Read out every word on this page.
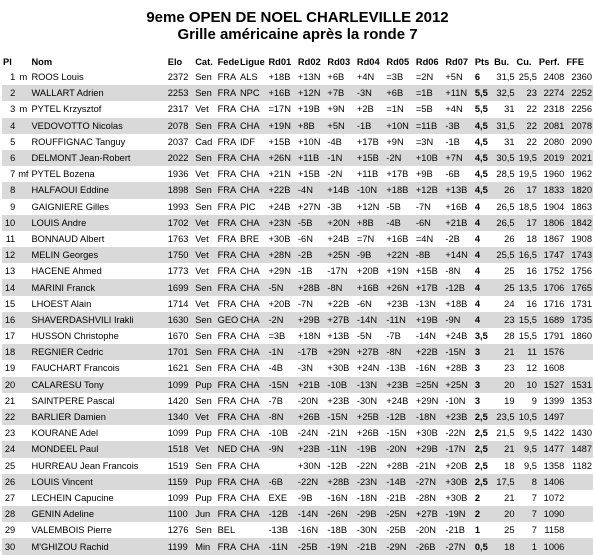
9eme OPEN DE NOEL CHARLEVILLE 2012
Grille américaine après la ronde 7
Pl		Nom	Elo	Cat.	Fede	Ligue	Rd01	Rd02	Rd03	Rd04	Rd05	Rd06	Rd07	Pts	Bu.	Cu.	Perf.	FFE
1	m	ROOS Louis	2372	Sen	FRA	ALS	+18B	+13N	+6B	+4N	=3B	=2N	+5N	6	31,5	25,5	2408	2360
2		WALLART Adrien	2253	Sen	FRA	NPC	+16B	+12N	+7B	-3N	+6B	=1B	+11N	5,5	32,5	23	2274	2252
3	m	PYTEL Krzysztof	2317	Vet	FRA	CHA	=17N	+19B	+9N	+2B	=1N	=5B	+4N	5,5	31	22	2318	2256
4		VEDOVOTTO Nicolas	2078	Sen	FRA	CHA	+19N	+8B	+5N	-1B	+10N	=11B	-3B	4,5	31,5	22	2081	2078
5		ROUFFIGNAC Tanguy	2037	Cad	FRA	IDF	+15B	+10N	-4B	+17B	+9N	=3N	-1B	4,5	31	22	2080	2090
6		DELMONT Jean-Robert	2022	Sen	FRA	CHA	+26N	+11B	-1N	+15B	-2N	+10B	+7N	4,5	30,5	19,5	2019	2021
7	mf	PYTEL Bozena	1936	Vet	FRA	CHA	+21N	+15B	-2N	+11B	+17B	+9B	-6B	4,5	28,5	19,5	1960	1962
8		HALFAOUI Eddine	1898	Sen	FRA	CHA	+22B	-4N	+14B	-10N	+18B	+12B	+13B	4,5	26	17	1833	1820
9		GAIGNIERE Gilles	1993	Sen	FRA	PIC	+24B	+27N	-3B	+12N	-5B	-7N	+16B	4	26,5	18,5	1904	1863
10		LOUIS Andre	1702	Vet	FRA	CHA	+23N	-5B	+20N	+8B	-4B	-6N	+21B	4	26,5	17	1806	1842
11		BONNAUD Albert	1763	Vet	FRA	BRE	+30B	-6N	+24B	=7N	+16B	=4N	-2B	4	26	18	1867	1908
12		MELIN Georges	1750	Vet	FRA	CHA	+28N	-2B	+25N	-9B	+22N	-8B	+14N	4	25,5	16,5	1747	1743
13		HACENE Ahmed	1773	Vet	FRA	CHA	+29N	-1B	-17N	+20B	+19N	+15B	-8N	4	25	16	1752	1756
14		MARINI Franck	1699	Sen	FRA	CHA	-5N	+28B	-8N	+16B	+26N	+17B	-12B	4	25	13,5	1706	1765
15		LHOEST Alain	1714	Vet	FRA	CHA	+20B	-7N	+22B	-6N	+23B	-13N	+18B	4	24	16	1716	1731
16		SHAVERDASHVILI Irakli	1630	Sen	GEO	CHA	-2N	+29B	+27B	-14N	-11N	+19B	-9N	4	23	15,5	1689	1735
17		HUSSON Christophe	1670	Sen	FRA	CHA	=3B	+18N	+13B	-5N	-7B	-14N	+24B	3,5	28	15,5	1791	1860
18		REGNIER Cedric	1701	Sen	FRA	CHA	-1N	-17B	+29N	+27B	-8N	+22B	-15N	3	21	11	1576	
19		FAUCHART Francois	1621	Sen	FRA	CHA	-4B	-3N	+30B	+24N	-13B	-16N	+28B	3	23	12	1608	
20		CALARESU Tony	1099	Pup	FRA	CHA	-15N	+21B	-10B	-13N	+23B	=25N	+25N	3	20	10	1527	1531
21		SAINTPERE Pascal	1420	Sen	FRA	CHA	-7B	-20N	+23B	-30N	+24B	+29N	-10N	3	19	9	1399	1353
22		BARLIER Damien	1340	Vet	FRA	CHA	-8N	+26B	-15N	+25B	-12B	-18N	+23B	2,5	23,5	10,5	1497	
23		KOURANE Adel	1099	Pup	FRA	CHA	-10B	-24N	-21N	+26B	-15N	+30B	-22N	2,5	21,5	9,5	1422	1430
24		MONDEEL Paul	1518	Vet	NED	CHA	-9N	+23B	-11N	-19B	-20N	+29B	-17N	2,5	21	9,5	1477	1487
25		HURREAU Jean Francois	1519	Sen	FRA	CHA		+30N	-12B	-22N	+28B	-21N	+20B	2,5	18	9,5	1358	1182
26		LOUIS Vincent	1159	Pup	FRA	CHA	-6B	-22N	+28B	-23N	-14B	-27N	+30B	2,5	17,5	8	1406	
27		LECHEIN Capucine	1099	Pup	FRA	CHA	EXE	-9B	-16N	-18N	-21B	-28N	+30B	2	21	7	1072	
28		GENIN Adeline	1100	Jun	FRA	CHA	-12B	-14N	-26N	-29B	-25N	+27B	-19N	2	20	7	1090	
29		VALEMBOIS Pierre	1276	Sen	BEL		-13B	-16N	-18B	-30N	-25B	-20N	-21B	1	25	7	1158	
30		M'GHIZOU Rachid	1199	Min	FRA	CHA	-11N	-25B	-19N	-21B	-29N	-26B	-27N	0,5	18	1	1006	
